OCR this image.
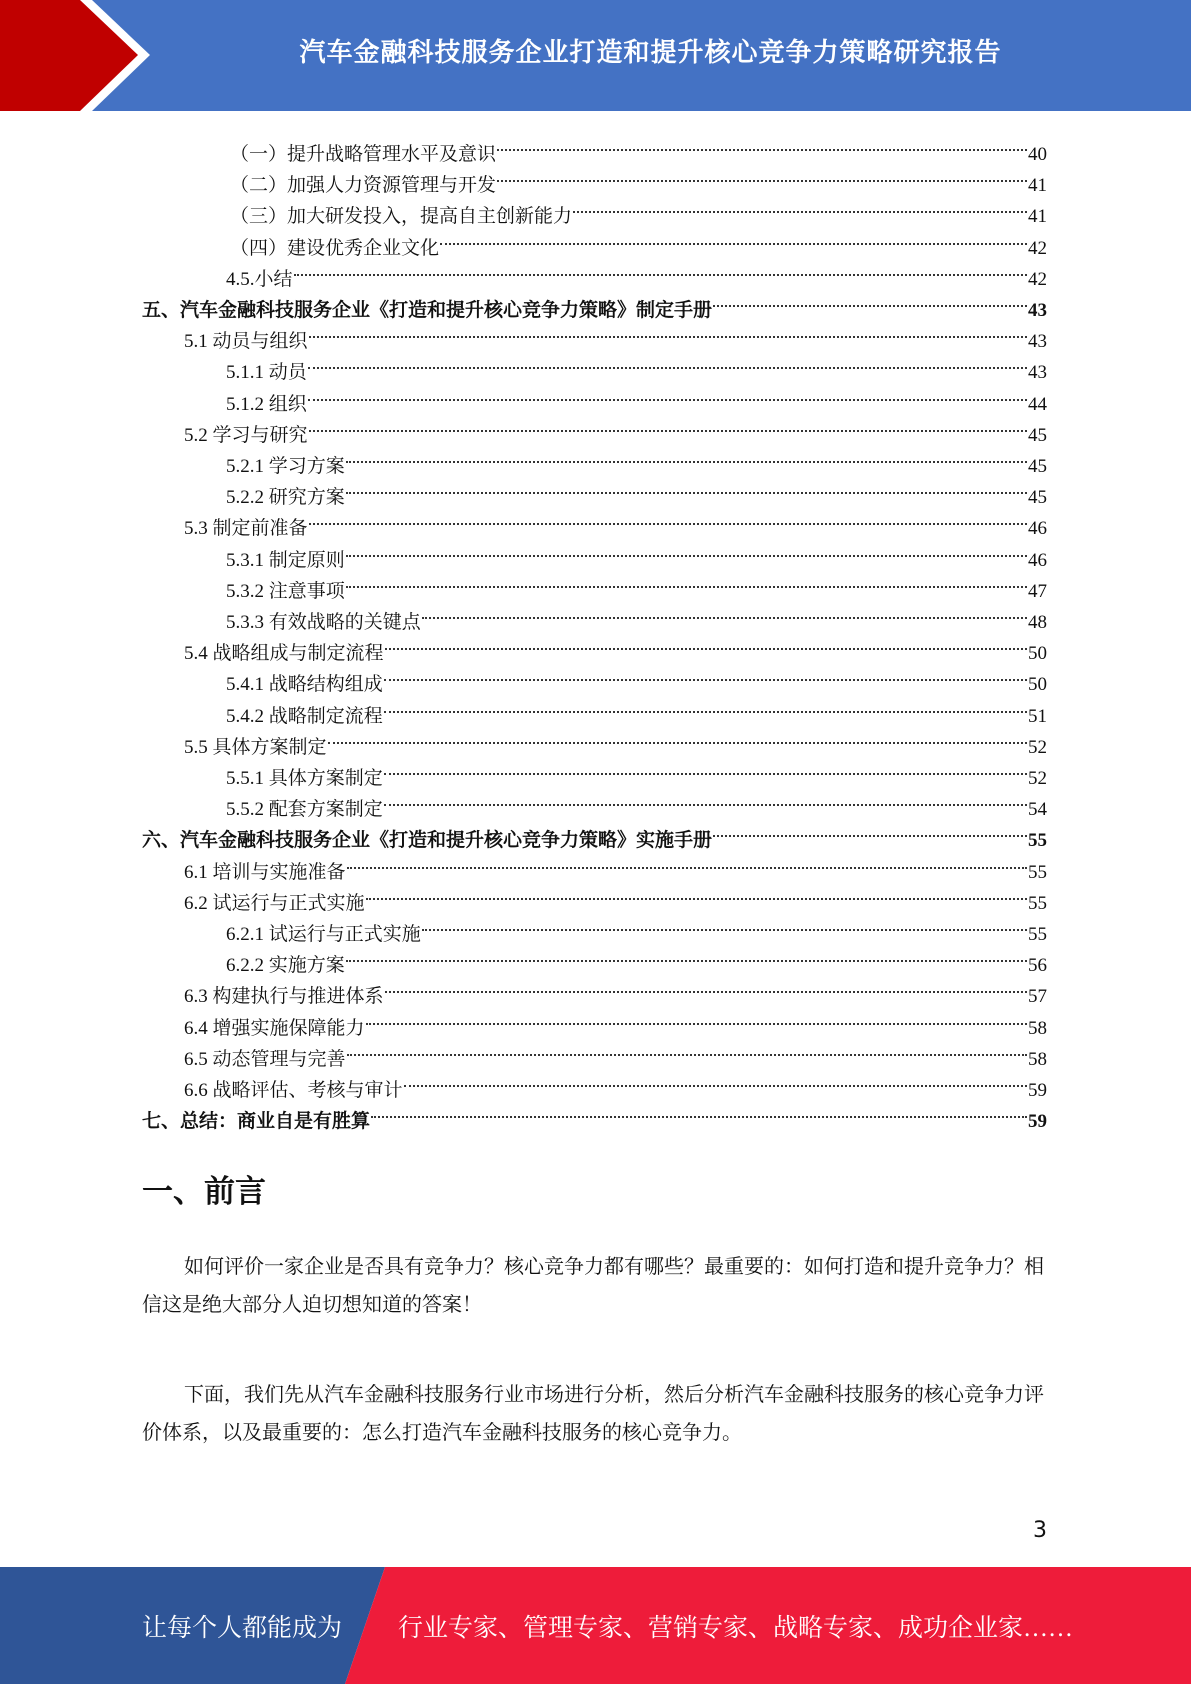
汽车金融科技服务企业打造和提升核心竞争力策略研究报告
（一）提升战略管理水平及意识	40
（二）加强人力资源管理与开发	41
（三）加大研发投入，提高自主创新能力	41
（四）建设优秀企业文化	42
4.5.小结	42
五、汽车金融科技服务企业《打造和提升核心竞争力策略》制定手册	43
5.1 动员与组织	43
5.1.1 动员	43
5.1.2 组织	44
5.2 学习与研究	45
5.2.1 学习方案	45
5.2.2 研究方案	45
5.3 制定前准备	46
5.3.1 制定原则	46
5.3.2 注意事项	47
5.3.3 有效战略的关键点	48
5.4 战略组成与制定流程	50
5.4.1 战略结构组成	50
5.4.2 战略制定流程	51
5.5 具体方案制定	52
5.5.1 具体方案制定	52
5.5.2 配套方案制定	54
六、汽车金融科技服务企业《打造和提升核心竞争力策略》实施手册	55
6.1 培训与实施准备	55
6.2 试运行与正式实施	55
6.2.1 试运行与正式实施	55
6.2.2 实施方案	56
6.3 构建执行与推进体系	57
6.4 增强实施保障能力	58
6.5 动态管理与完善	58
6.6 战略评估、考核与审计	59
七、总结：商业自是有胜算	59
一、前言

如何评价一家企业是否具有竞争力？核心竞争力都有哪些？最重要的：如何打造和提升竞争力？相信这是绝大部分人迫切想知道的答案！

下面，我们先从汽车金融科技服务行业市场进行分析，然后分析汽车金融科技服务的核心竞争力评价体系，以及最重要的：怎么打造汽车金融科技服务的核心竞争力。

3
让每个人都能成为 行业专家、管理专家、营销专家、战略专家、成功企业家……
